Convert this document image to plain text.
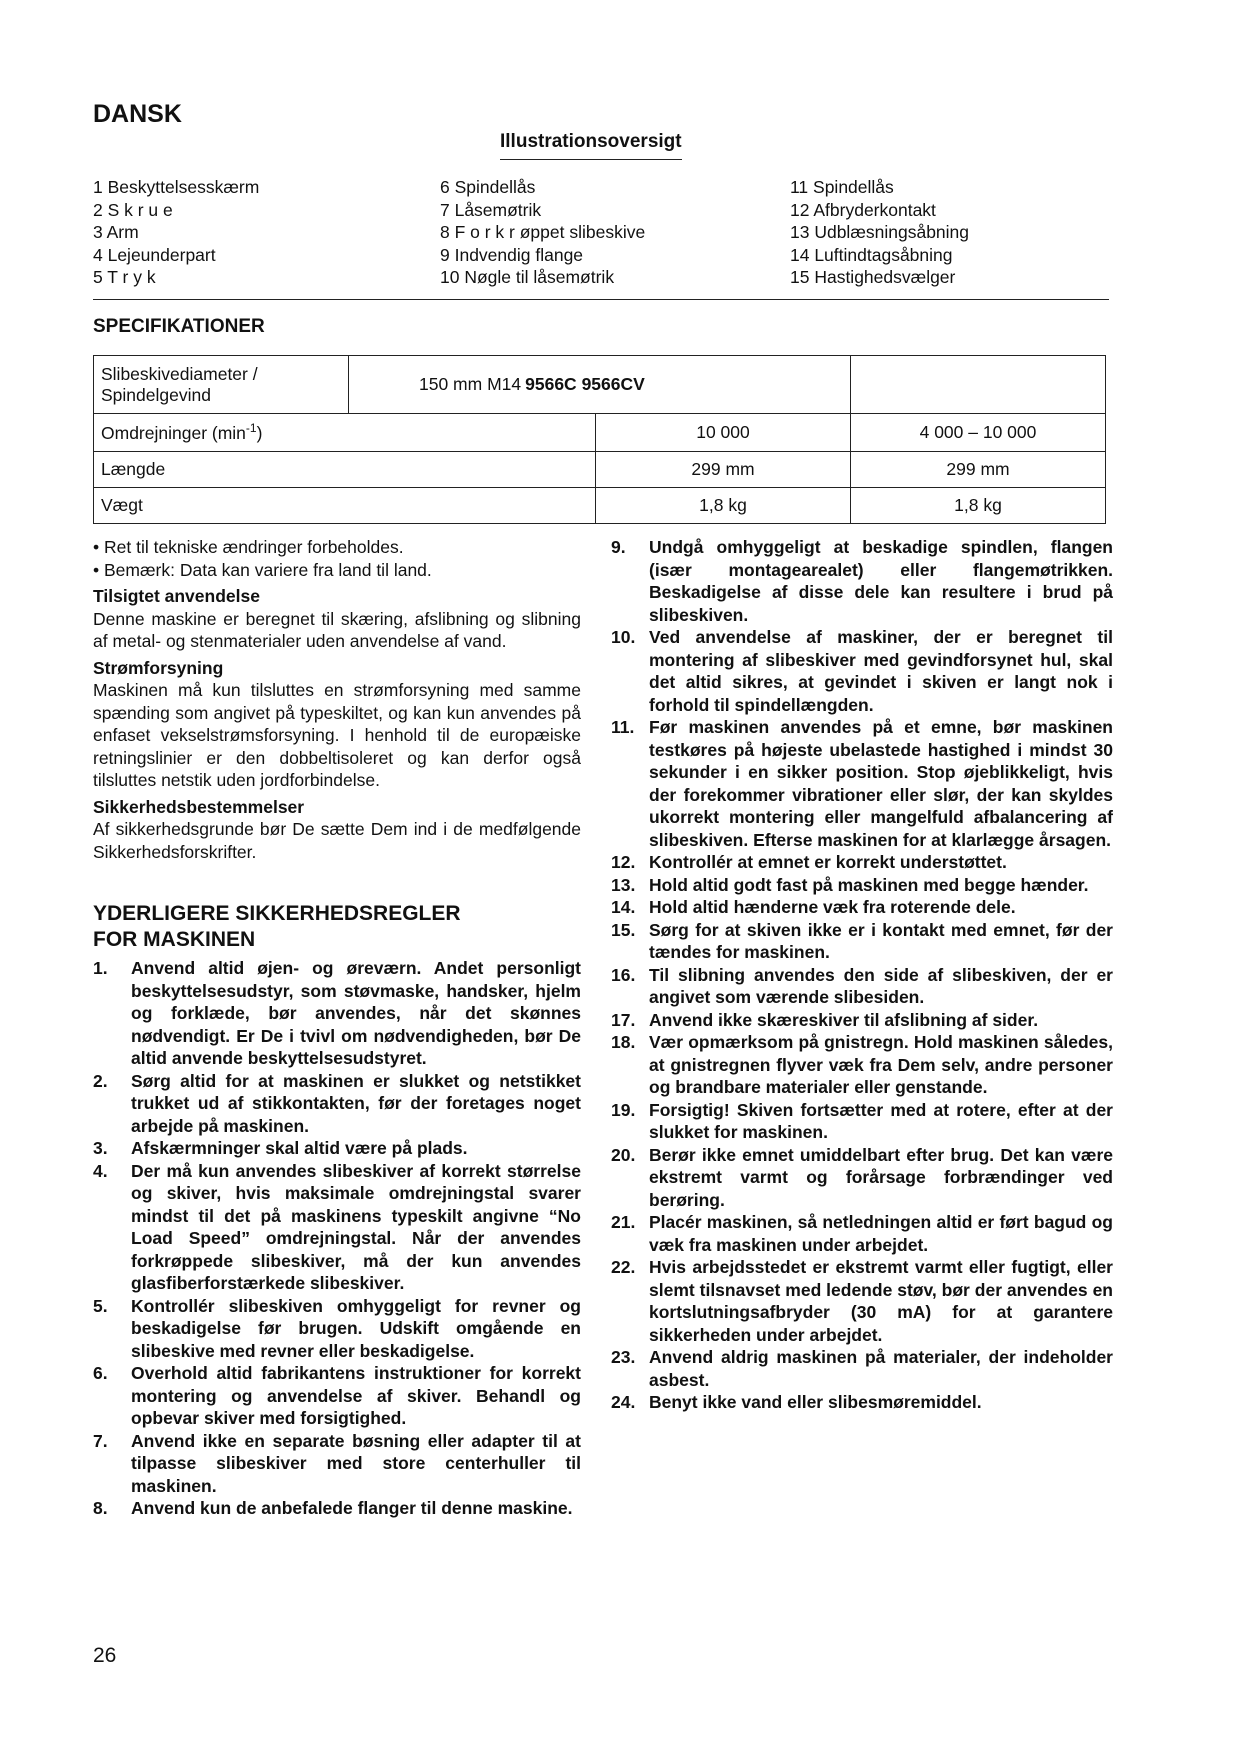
DANSK
Illustrationsoversigt
1 Beskyttelsesskærm
2 S k r u e
3 Arm
4 Lejeunderpart
5 T r y k
6 Spindellås
7 Låsemøtrik
8 F o r k r øppet slibeskive
9 Indvendig flange
10 Nøgle til låsemøtrik
11 Spindellås
12 Afbryderkontakt
13 Udblæsningsåbning
14 Luftindtagsåbning
15 Hastighedsvælger
SPECIFIKATIONER
Slibeskivediameter /
Spindelgevind	150 mm M14 9566C 9566CV		
Omdrejninger $(\min^{-1})$		10 000	4 000 – 10 000
Længde		299 mm	299 mm
Vægt		1,8 kg	1,8 kg

• Ret til tekniske ændringer forbeholdes.

• Bemærk: Data kan variere fra land til land.

Tilsigtet anvendelse

Denne maskine er beregnet til skæring, afslibning og slibning af metal- og stenmaterialer uden anvendelse af vand.

Strømforsyning

Maskinen må kun tilsluttes en strømforsyning med samme spænding som angivet på typeskiltet, og kan kun anvendes på enfaset vekselstrømsforsyning. I henhold til de europæiske retningslinier er den dobbeltisoleret og kan derfor også tilsluttes netstik uden jordforbindelse.

Sikkerhedsbestemmelser

Af sikkerhedsgrunde bør De sætte Dem ind i de medfølgende Sikkerhedsforskrifter.

YDERLIGERE SIKKERHEDSREGLER
FOR MASKINEN

1. Anvend altid øjen- og øreværn. Andet personligt beskyttelsesudstyr, som støvmaske, handsker, hjelm og forklæde, bør anvendes, når det skønnes nødvendigt. Er De i tvivl om nødvendigheden, bør De altid anvende beskyttelsesudstyret.
2. Sørg altid for at maskinen er slukket og netstikket trukket ud af stikkontakten, før der foretages noget arbejde på maskinen.
3. Afskærmninger skal altid være på plads.
4. Der må kun anvendes slibeskiver af korrekt størrelse og skiver, hvis maksimale omdrejningstal svarer mindst til det på maskinens typeskilt angivne “No Load Speed” omdrejningstal. Når der anvendes forkrøppede slibeskiver, må der kun anvendes glasfiberforstærkede slibeskiver.
5. Kontrollér slibeskiven omhyggeligt for revner og beskadigelse før brugen. Udskift omgående en slibeskive med revner eller beskadigelse.
6. Overhold altid fabrikantens instruktioner for korrekt montering og anvendelse af skiver. Behandl og opbevar skiver med forsigtighed.
7. Anvend ikke en separate bøsning eller adapter til at tilpasse slibeskiver med store centerhuller til maskinen.
8. Anvend kun de anbefalede flanger til denne maskine.
9. Undgå omhyggeligt at beskadige spindlen, flangen (især montagearealet) eller flangemøtrikken. Beskadigelse af disse dele kan resultere i brud på slibeskiven.
10. Ved anvendelse af maskiner, der er beregnet til montering af slibeskiver med gevindforsynet hul, skal det altid sikres, at gevindet i skiven er langt nok i forhold til spindellængden.
11. Før maskinen anvendes på et emne, bør maskinen testkøres på højeste ubelastede hastighed i mindst 30 sekunder i en sikker position. Stop øjeblikkeligt, hvis der forekommer vibrationer eller slør, der kan skyldes ukorrekt montering eller mangelfuld afbalancering af slibeskiven. Efterse maskinen for at klarlægge årsagen.
12. Kontrollér at emnet er korrekt understøttet.
13. Hold altid godt fast på maskinen med begge hænder.
14. Hold altid hænderne væk fra roterende dele.
15. Sørg for at skiven ikke er i kontakt med emnet, før der tændes for maskinen.
16. Til slibning anvendes den side af slibeskiven, der er angivet som værende slibesiden.
17. Anvend ikke skæreskiver til afslibning af sider.
18. Vær opmærksom på gnistregn. Hold maskinen således, at gnistregnen flyver væk fra Dem selv, andre personer og brandbare materialer eller genstande.
19. Forsigtig! Skiven fortsætter med at rotere, efter at der slukket for maskinen.
20. Berør ikke emnet umiddelbart efter brug. Det kan være ekstremt varmt og forårsage forbrændinger ved berøring.
21. Placér maskinen, så netledningen altid er ført bagud og væk fra maskinen under arbejdet.
22. Hvis arbejdsstedet er ekstremt varmt eller fugtigt, eller slemt tilsnavset med ledende støv, bør der anvendes en kortslutningsafbryder (30 mA) for at garantere sikkerheden under arbejdet.
23. Anvend aldrig maskinen på materialer, der indeholder asbest.
24. Benyt ikke vand eller slibesmøremiddel.
26
